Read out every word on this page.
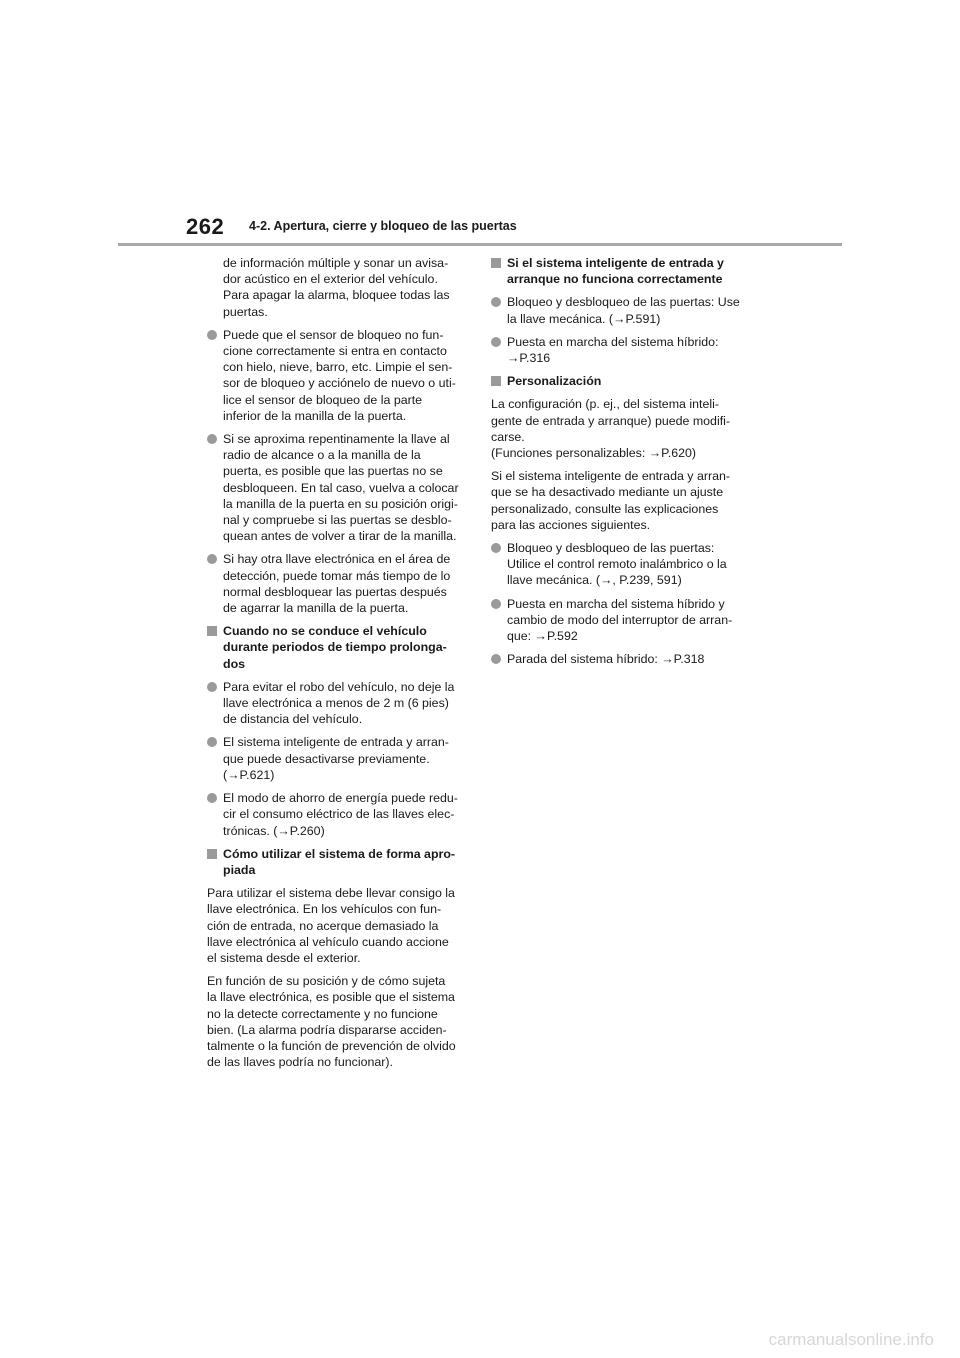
262 4-2. Apertura, cierre y bloqueo de las puertas
de información múltiple y sonar un avisa-
dor acústico en el exterior del vehículo.
Para apagar la alarma, bloquee todas las
puertas.
Puede que el sensor de bloqueo no fun-
cione correctamente si entra en contacto
con hielo, nieve, barro, etc. Limpie el sen-
sor de bloqueo y acciónelo de nuevo o uti-
lice el sensor de bloqueo de la parte
inferior de la manilla de la puerta.
Si se aproxima repentinamente la llave al
radio de alcance o a la manilla de la
puerta, es posible que las puertas no se
desbloqueen. En tal caso, vuelva a colocar
la manilla de la puerta en su posición origi-
nal y compruebe si las puertas se desblo-
quean antes de volver a tirar de la manilla.
Si hay otra llave electrónica en el área de
detección, puede tomar más tiempo de lo
normal desbloquear las puertas después
de agarrar la manilla de la puerta.
Cuando no se conduce el vehículo
durante periodos de tiempo prolonga-
dos
Para evitar el robo del vehículo, no deje la
llave electrónica a menos de 2 m (6 pies)
de distancia del vehículo.
El sistema inteligente de entrada y arran-
que puede desactivarse previamente.
(→P.621)
El modo de ahorro de energía puede redu-
cir el consumo eléctrico de las llaves elec-
trónicas. (→P.260)
Cómo utilizar el sistema de forma apro-
piada
Para utilizar el sistema debe llevar consigo la
llave electrónica. En los vehículos con fun-
ción de entrada, no acerque demasiado la
llave electrónica al vehículo cuando accione
el sistema desde el exterior.
En función de su posición y de cómo sujeta
la llave electrónica, es posible que el sistema
no la detecte correctamente y no funcione
bien. (La alarma podría dispararse acciden-
talmente o la función de prevención de olvido
de las llaves podría no funcionar).
Si el sistema inteligente de entrada y
arranque no funciona correctamente
Bloqueo y desbloqueo de las puertas: Use
la llave mecánica. (→P.591)
Puesta en marcha del sistema híbrido:
→P.316
Personalización
La configuración (p. ej., del sistema inteli-
gente de entrada y arranque) puede modifi-
carse.
(Funciones personalizables: →P.620)
Si el sistema inteligente de entrada y arran-
que se ha desactivado mediante un ajuste
personalizado, consulte las explicaciones
para las acciones siguientes.
Bloqueo y desbloqueo de las puertas:
Utilice el control remoto inalámbrico o la
llave mecánica. (→, P.239, 591)
Puesta en marcha del sistema híbrido y
cambio de modo del interruptor de arran-
que: →P.592
Parada del sistema híbrido: →P.318
carmanualsonline.info
